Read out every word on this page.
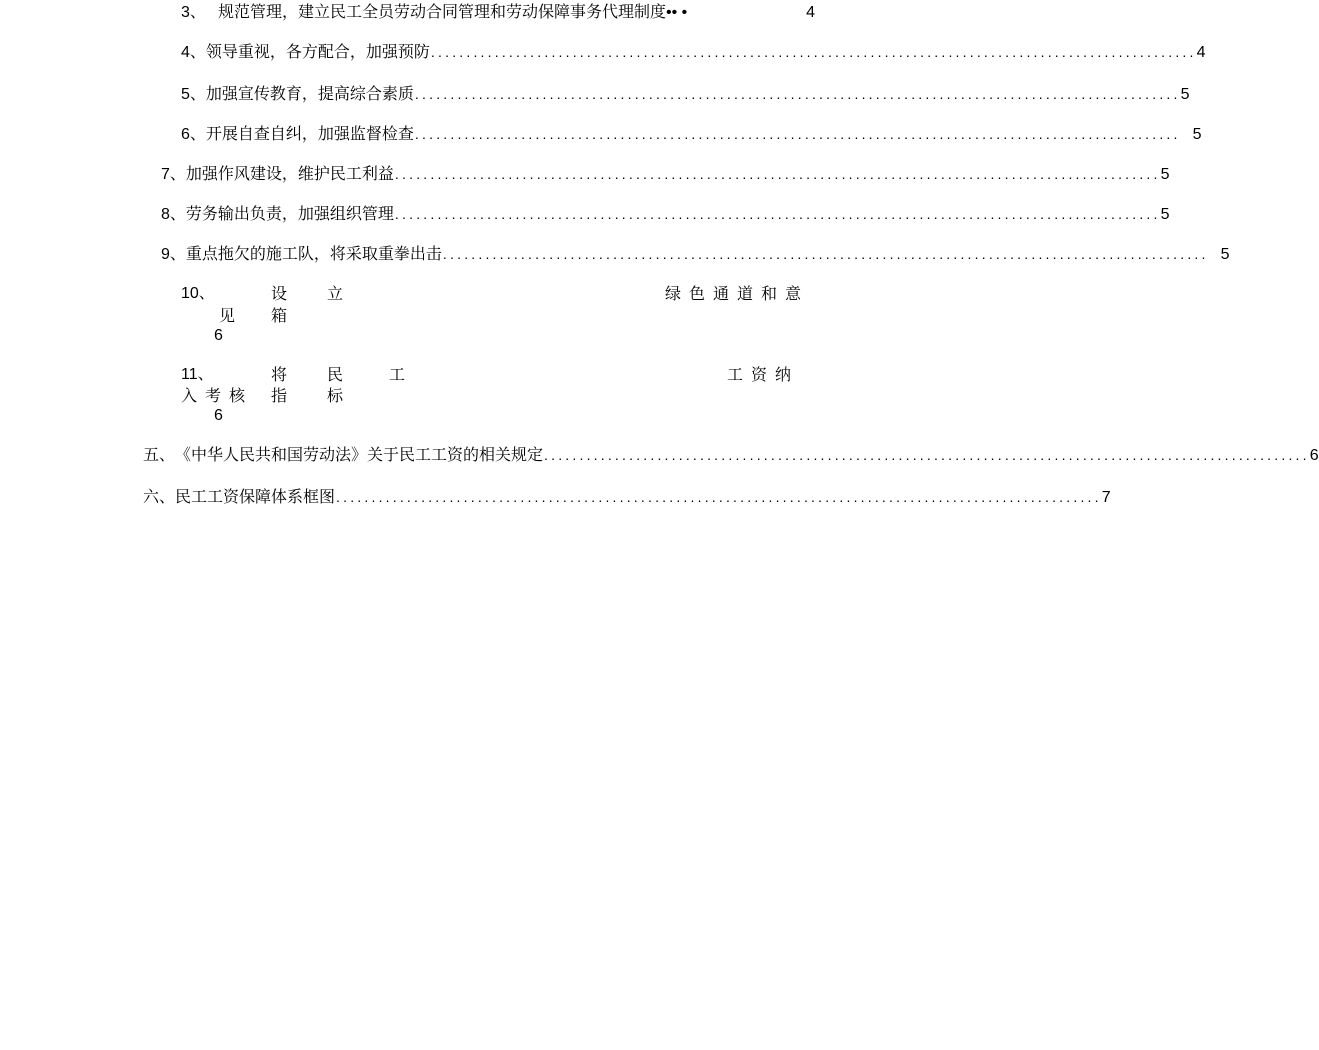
3、 规范管理，建立民工全员劳动合同管理和劳动保障事务代理制度 •• •	4
4、 领导重视，各方配合，加强预防 ............................................................................................................ 4
5、 加强宣传教育，提高综合素质 ............................................................................................................ 5
6、 开展自查自纠，加强监督检查 ............................................................................................................ 5
7 、加强作风建设，维护民工利益 ............................................................................................................ 5
8 、劳务输出负责，加强组织管理 ............................................................................................................ 5
9 、重点拖欠的施工队，将采取重拳出击 ............................................................................................................ 5
10、	设 立	绿色通道和意
见 箱
6
11、	将 民	工	工资纳
入考核 指 标
6
五、 《中华人民共和国劳动法》关于民工工资的相关规定 ............................................................................................................ 6
六、 民工工资保障体系框图 ............................................................................................................ 7
